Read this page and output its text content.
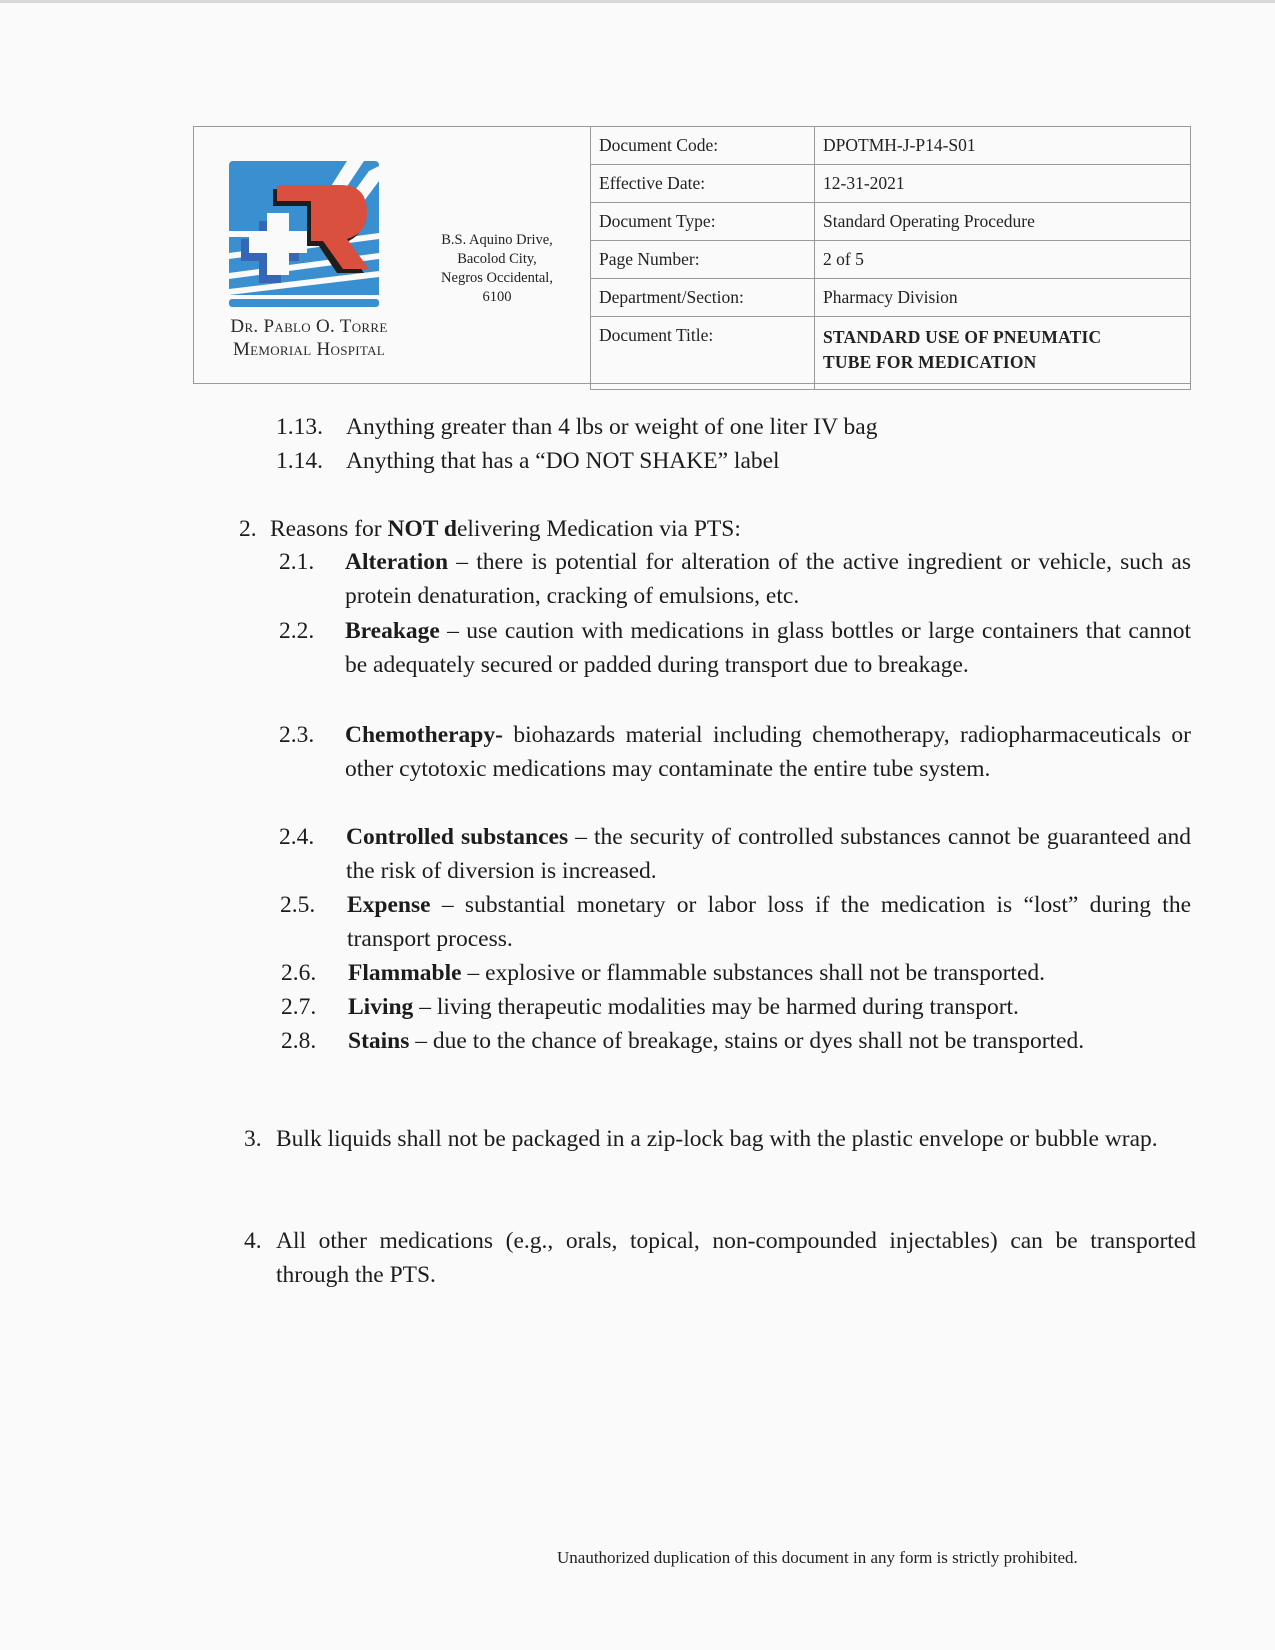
Dr. Pablo O. Torre
Memorial Hospital
B.S. Aquino Drive,
Bacolod City,
Negros Occidental,
6100
Document Code:	DPOTMH-J-P14-S01
Effective Date:	12-31-2021
Document Type:	Standard Operating Procedure
Page Number:	2 of 5
Department/Section:	Pharmacy Division
Document Title:	STANDARD USE OF PNEUMATIC
TUBE FOR MEDICATION
1.13. Anything greater than 4 lbs or weight of one liter IV bag
1.14. Anything that has a “DO NOT SHAKE” label
2. Reasons for NOT delivering Medication via PTS:
2.1. Alteration – there is potential for alteration of the active ingredient or vehicle, such as protein denaturation, cracking of emulsions, etc.
2.2. Breakage – use caution with medications in glass bottles or large containers that cannot be adequately secured or padded during transport due to breakage.
2.3. Chemotherapy- biohazards material including chemotherapy, radiopharmaceuticals or other cytotoxic medications may contaminate the entire tube system.
2.4. Controlled substances – the security of controlled substances cannot be guaranteed and the risk of diversion is increased.
2.5. Expense – substantial monetary or labor loss if the medication is “lost” during the transport process.
2.6. Flammable – explosive or flammable substances shall not be transported.
2.7. Living – living therapeutic modalities may be harmed during transport.
2.8. Stains – due to the chance of breakage, stains or dyes shall not be transported.
3. Bulk liquids shall not be packaged in a zip-lock bag with the plastic envelope or bubble wrap.
4. All other medications (e.g., orals, topical, non-compounded injectables) can be transported through the PTS.
Unauthorized duplication of this document in any form is strictly prohibited.
